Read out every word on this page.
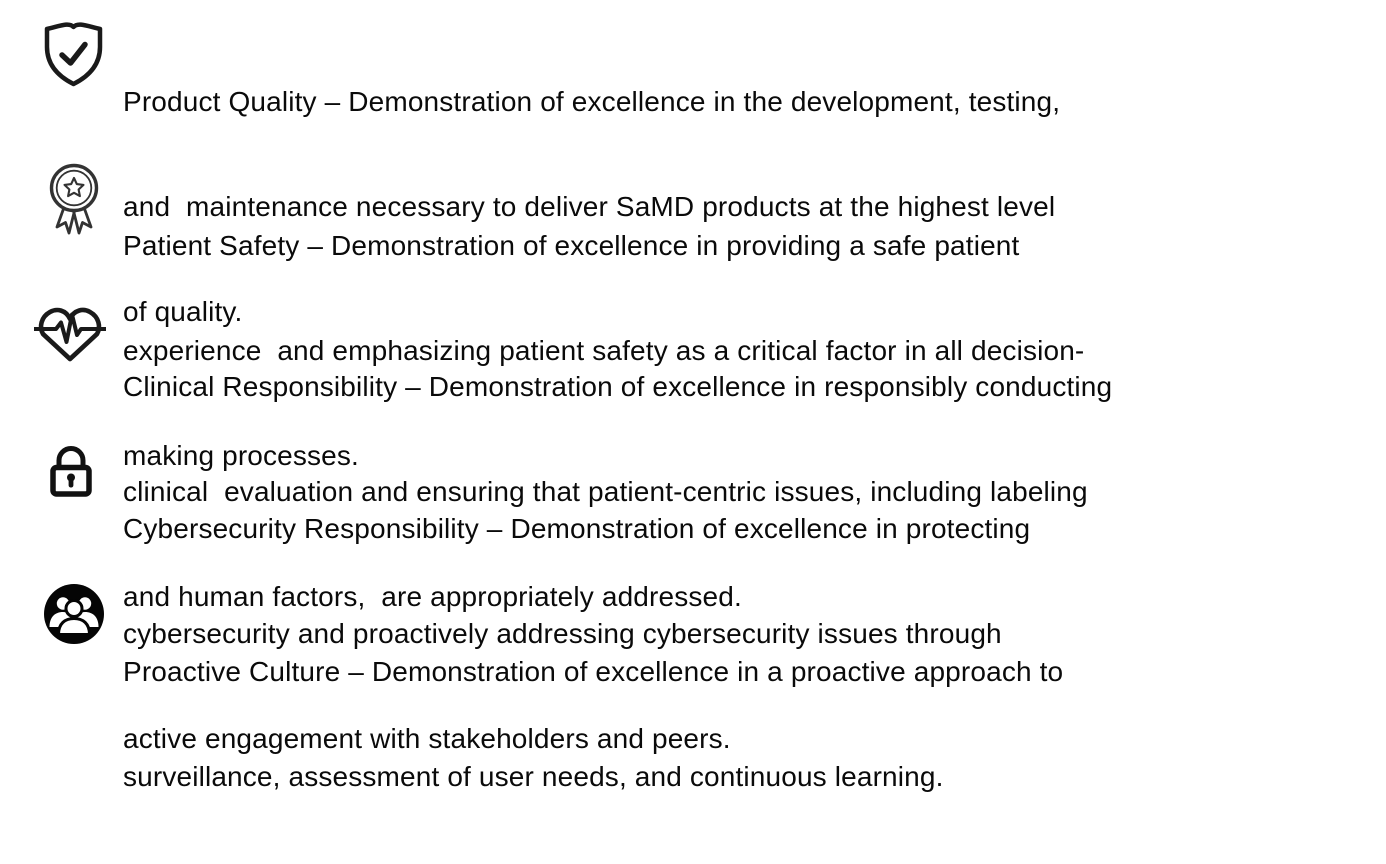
Product Quality – Demonstration of excellence in the development, testing,

and  maintenance necessary to deliver SaMD products at the highest level

of quality.

Patient Safety – Demonstration of excellence in providing a safe patient

experience  and emphasizing patient safety as a critical factor in all decision-

making processes.

Clinical Responsibility – Demonstration of excellence in responsibly conducting

clinical  evaluation and ensuring that patient-centric issues, including labeling

and human factors,  are appropriately addressed.

Cybersecurity Responsibility – Demonstration of excellence in protecting

cybersecurity and proactively addressing cybersecurity issues through

active engagement with stakeholders and peers.

Proactive Culture – Demonstration of excellence in a proactive approach to

surveillance, assessment of user needs, and continuous learning.
